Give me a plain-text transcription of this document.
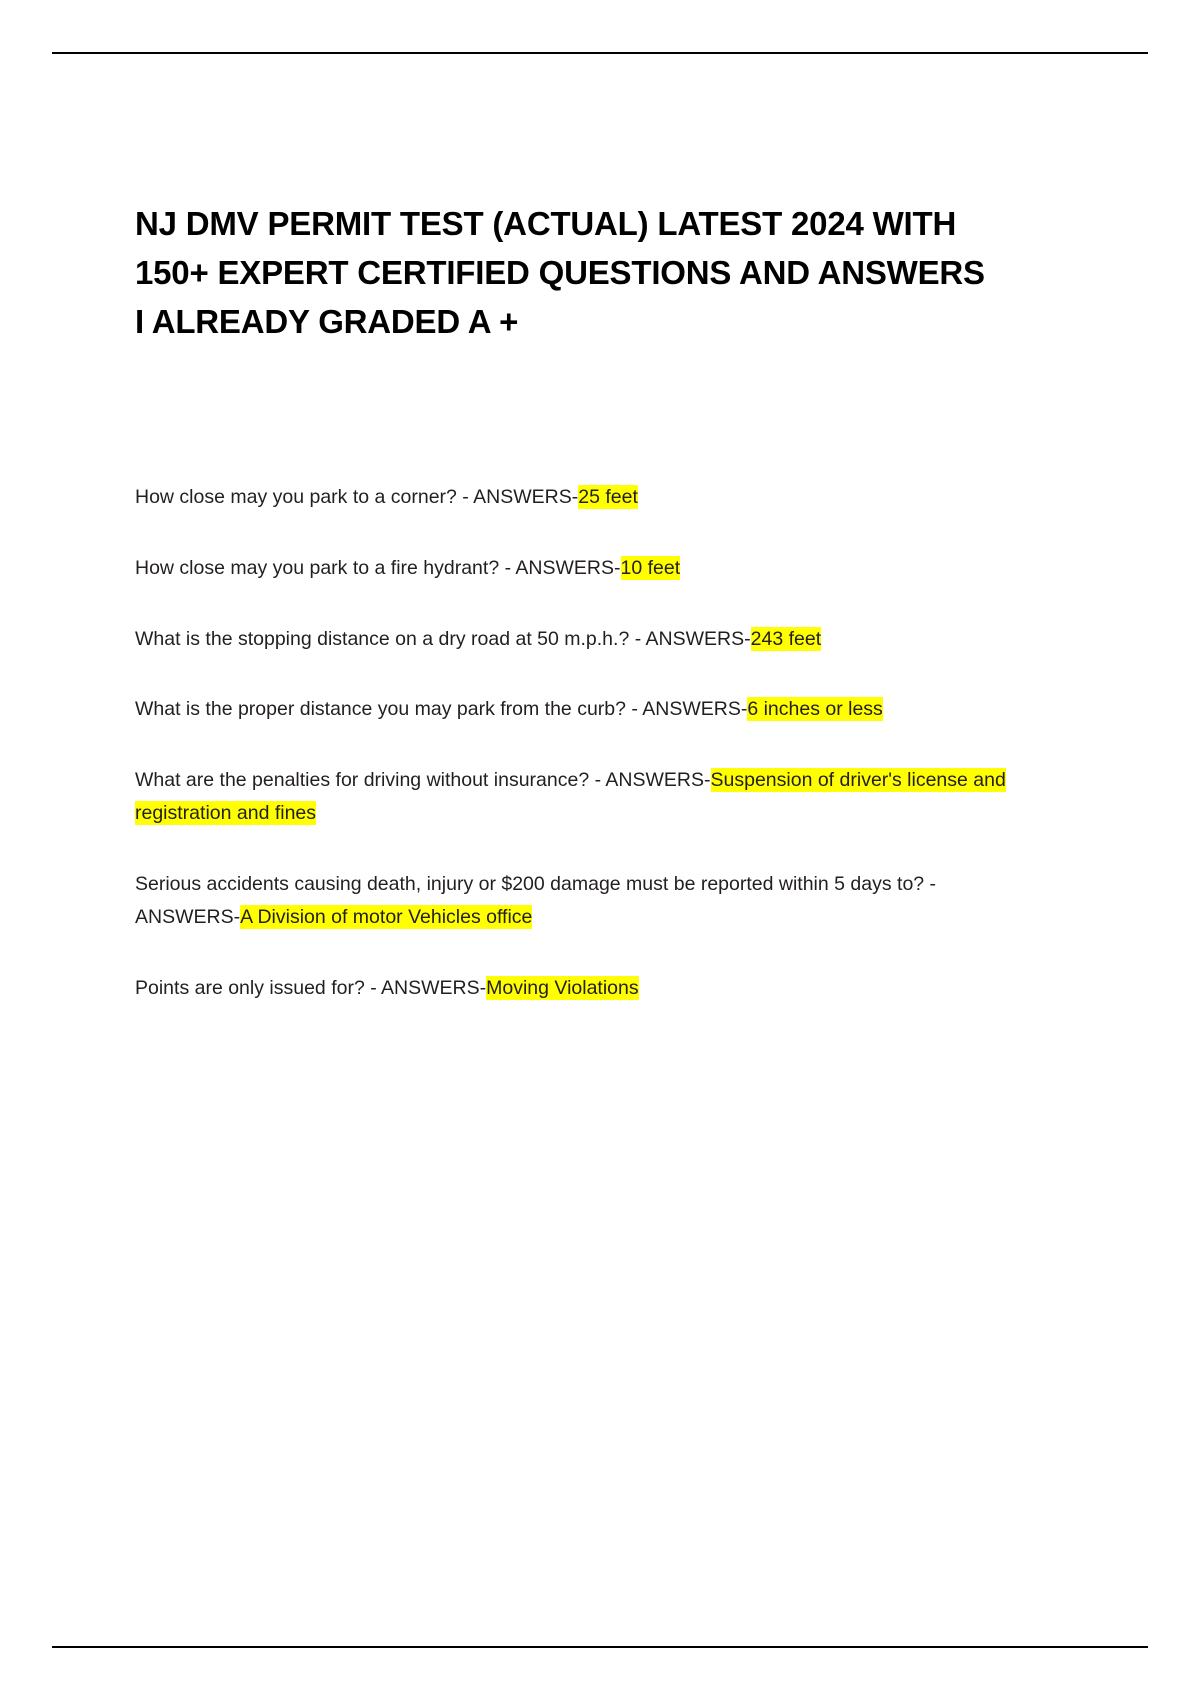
NJ DMV PERMIT TEST (ACTUAL) LATEST 2024 WITH 150+ EXPERT CERTIFIED QUESTIONS AND ANSWERS I ALREADY GRADED A +

How close may you park to a corner? - ANSWERS-25 feet

How close may you park to a fire hydrant? - ANSWERS-10 feet

What is the stopping distance on a dry road at 50 m.p.h.? - ANSWERS-243 feet

What is the proper distance you may park from the curb? - ANSWERS-6 inches or less

What are the penalties for driving without insurance? - ANSWERS-Suspension of driver's license and registration and fines

Serious accidents causing death, injury or $200 damage must be reported within 5 days to? - ANSWERS-A Division of motor Vehicles office

Points are only issued for? - ANSWERS-Moving Violations
